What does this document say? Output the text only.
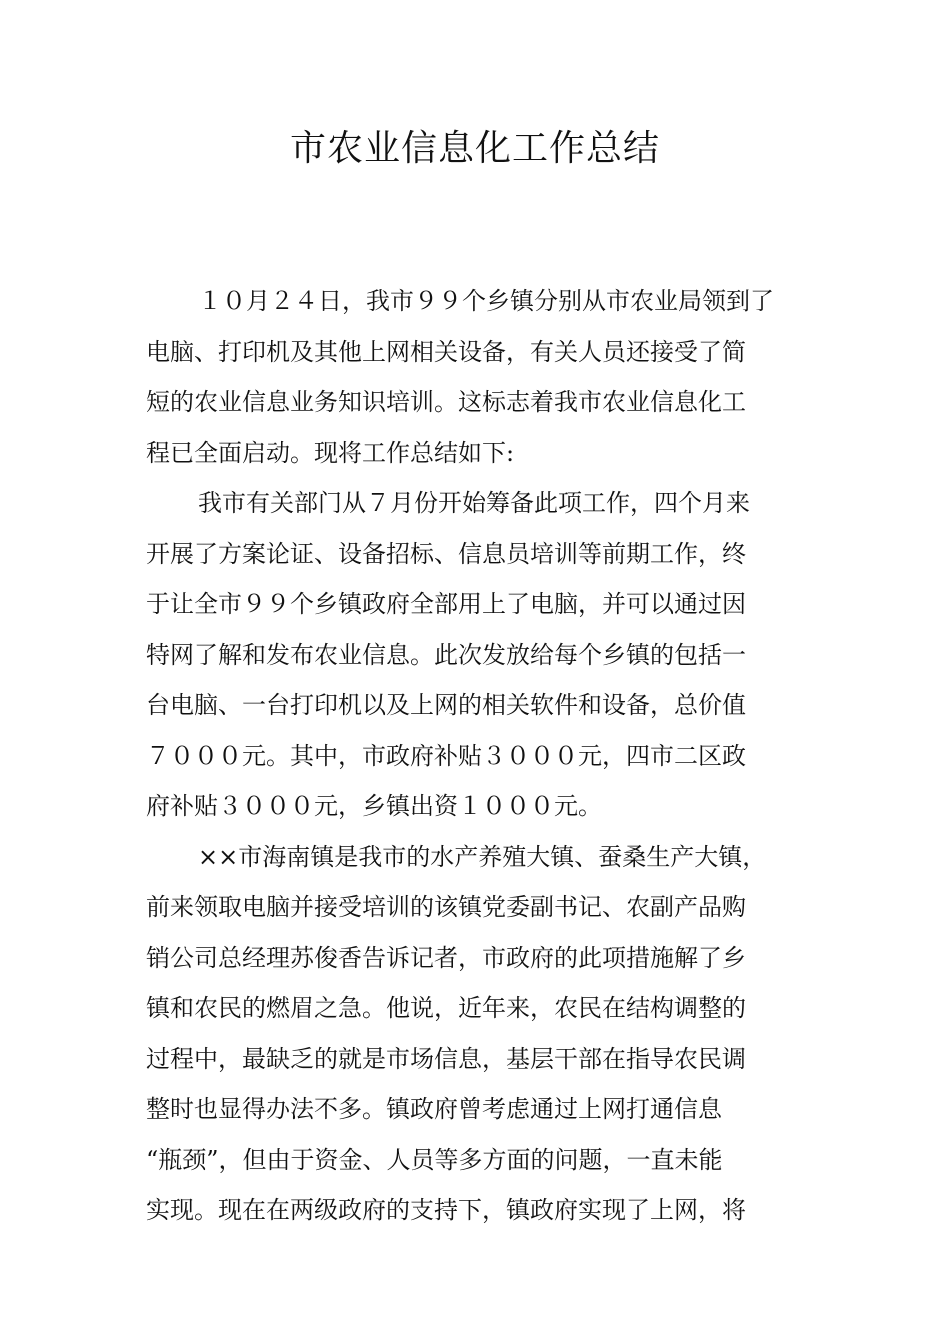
市农业信息化工作总结
１０月２４日，我市９９个乡镇分别从市农业局领到了
电脑、打印机及其他上网相关设备，有关人员还接受了简
短的农业信息业务知识培训。这标志着我市农业信息化工
程已全面启动。现将工作总结如下:
我市有关部门从７月份开始筹备此项工作，四个月来
开展了方案论证、设备招标、信息员培训等前期工作，终
于让全市９９个乡镇政府全部用上了电脑，并可以通过因
特网了解和发布农业信息。此次发放给每个乡镇的包括一
台电脑、一台打印机以及上网的相关软件和设备，总价值
７０００元。其中，市政府补贴３０００元，四市二区政
府补贴３０００元，乡镇出资１０００元。
××市海南镇是我市的水产养殖大镇、蚕桑生产大镇，
前来领取电脑并接受培训的该镇党委副书记、农副产品购
销公司总经理苏俊香告诉记者，市政府的此项措施解了乡
镇和农民的燃眉之急。他说，近年来，农民在结构调整的
过程中，最缺乏的就是市场信息，基层干部在指导农民调
整时也显得办法不多。镇政府曾考虑通过上网打通信息
“瓶颈”，但由于资金、人员等多方面的问题，一直未能
实现。现在在两级政府的支持下，镇政府实现了上网，将
